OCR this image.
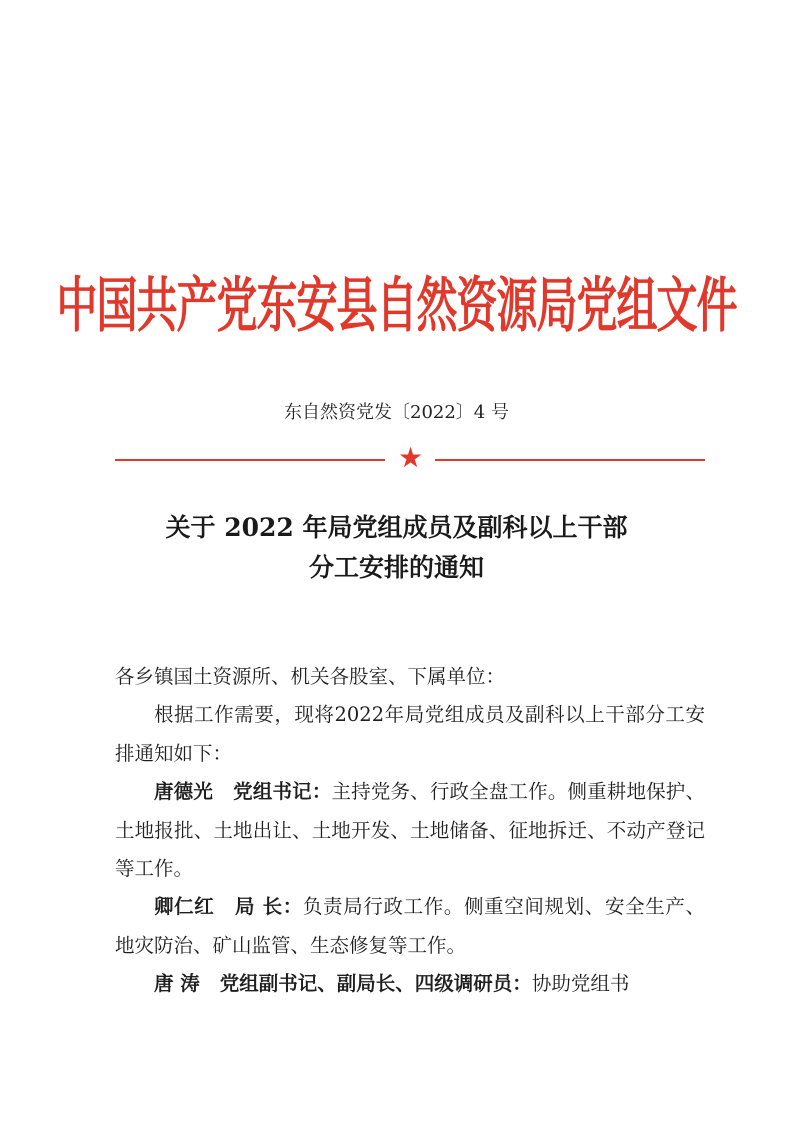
中国共产党东安县自然资源局党组文件
东自然资党发〔2022〕4 号
★
关于 2022 年局党组成员及副科以上干部
分工安排的通知

各乡镇国土资源所、机关各股室、下属单位：

根据工作需要，现将2022年局党组成员及副科以上干部分工安排通知如下：

唐德光 党组书记：主持党务、行政全盘工作。侧重耕地保护、土地报批、土地出让、土地开发、土地储备、征地拆迁、不动产登记等工作。

卿仁红 局 长：负责局行政工作。侧重空间规划、安全生产、地灾防治、矿山监管、生态修复等工作。

唐 涛 党组副书记、副局长、四级调研员：协助党组书
